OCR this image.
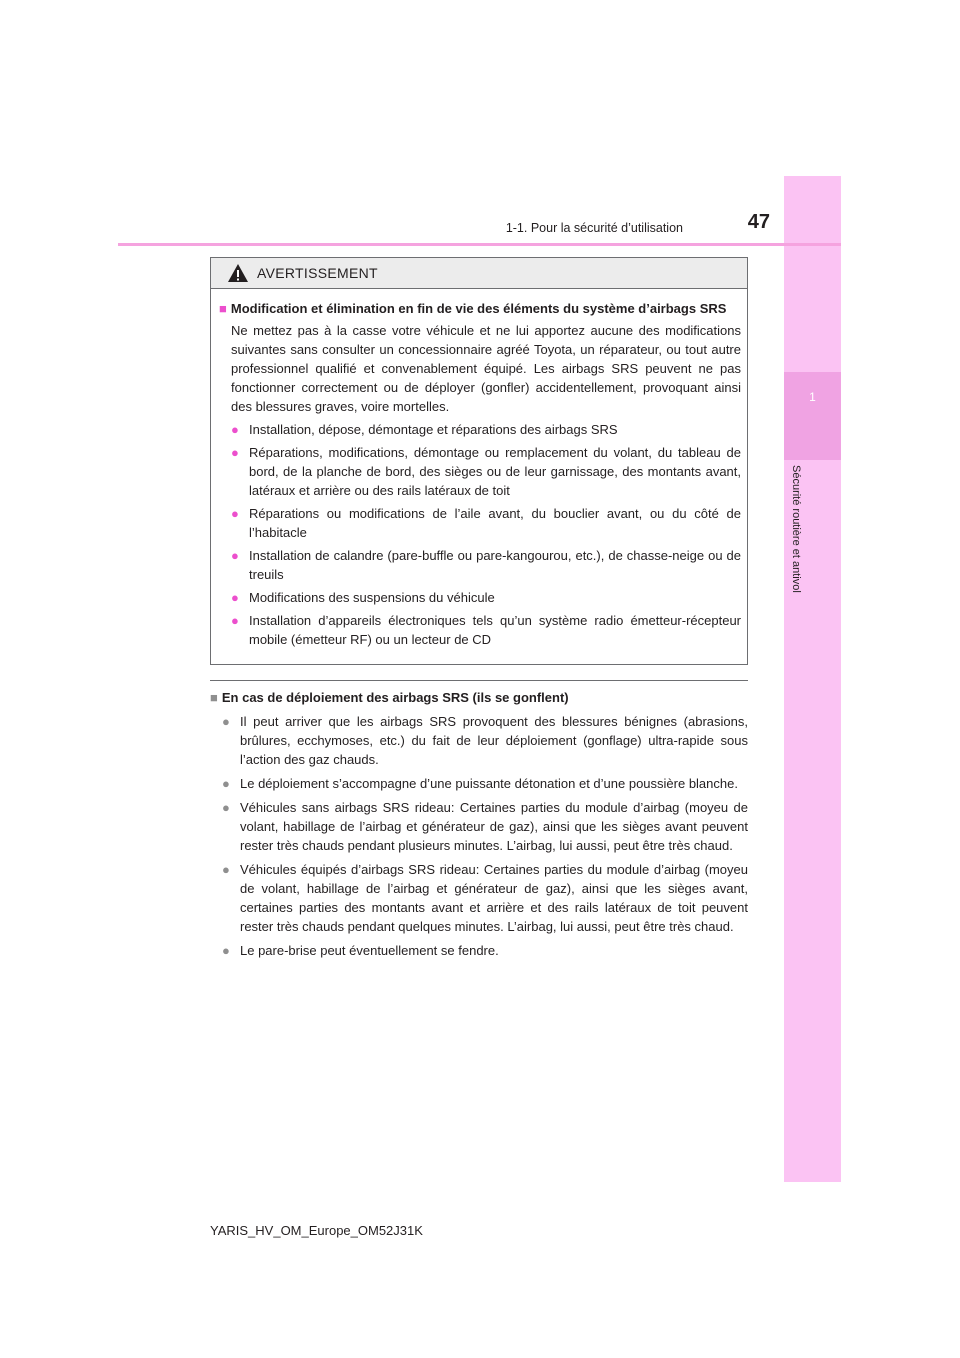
1
Sécurité routière et antivol
1-1. Pour la sécurité d’utilisation	47
AVERTISSEMENT
■ Modification et élimination en fin de vie des éléments du système d’airbags SRS
Ne mettez pas à la casse votre véhicule et ne lui apportez aucune des modifications suivantes sans consulter un concessionnaire agréé Toyota, un réparateur, ou tout autre professionnel qualifié et convenablement équipé. Les airbags SRS peuvent ne pas fonctionner correctement ou de déployer (gonfler) accidentellement, provoquant ainsi des blessures graves, voire mortelles.
● Installation, dépose, démontage et réparations des airbags SRS
● Réparations, modifications, démontage ou remplacement du volant, du tableau de bord, de la planche de bord, des sièges ou de leur garnissage, des montants avant, latéraux et arrière ou des rails latéraux de toit
● Réparations ou modifications de l’aile avant, du bouclier avant, ou du côté de l’habitacle
● Installation de calandre (pare-buffle ou pare-kangourou, etc.), de chasse-neige ou de treuils
● Modifications des suspensions du véhicule
● Installation d’appareils électroniques tels qu’un système radio émetteur-récepteur mobile (émetteur RF) ou un lecteur de CD
■ En cas de déploiement des airbags SRS (ils se gonflent)
● Il peut arriver que les airbags SRS provoquent des blessures bénignes (abrasions, brûlures, ecchymoses, etc.) du fait de leur déploiement (gonflage) ultra-rapide sous l’action des gaz chauds.
● Le déploiement s’accompagne d’une puissante détonation et d’une poussière blanche.
● Véhicules sans airbags SRS rideau: Certaines parties du module d’airbag (moyeu de volant, habillage de l’airbag et générateur de gaz), ainsi que les sièges avant peuvent rester très chauds pendant plusieurs minutes. L’airbag, lui aussi, peut être très chaud.
● Véhicules équipés d’airbags SRS rideau: Certaines parties du module d’airbag (moyeu de volant, habillage de l’airbag et générateur de gaz), ainsi que les sièges avant, certaines parties des montants avant et arrière et des rails latéraux de toit peuvent rester très chauds pendant quelques minutes. L’airbag, lui aussi, peut être très chaud.
● Le pare-brise peut éventuellement se fendre.
YARIS_HV_OM_Europe_OM52J31K
